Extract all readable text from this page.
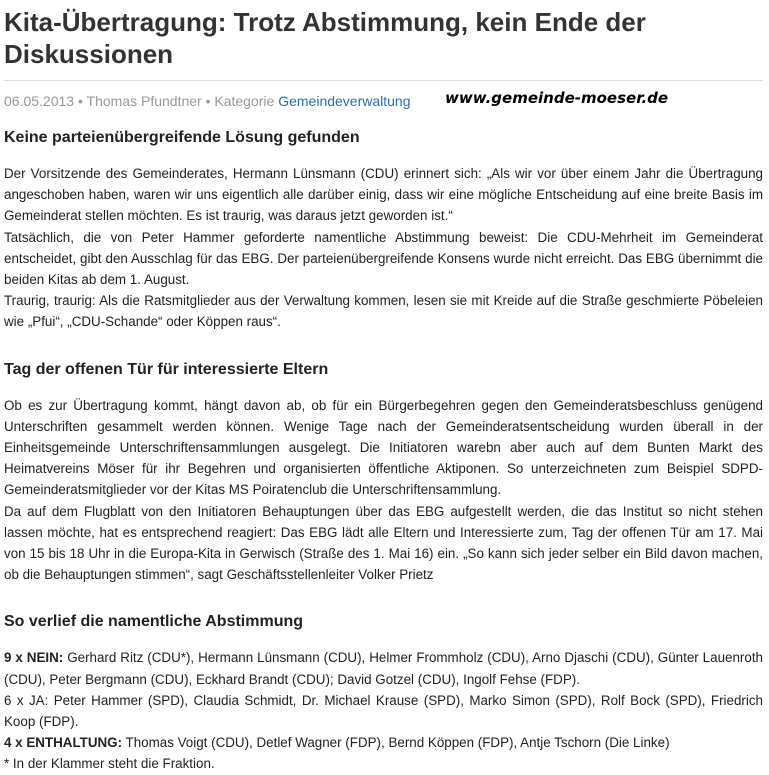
Kita-Übertragung: Trotz Abstimmung, kein Ende der Diskussionen
06.05.2013 • Thomas Pfundtner • Kategorie Gemeindeverwaltung www.gemeinde-moeser.de
Keine parteienübergreifende Lösung gefunden

Der Vorsitzende des Gemeinderates, Hermann Lünsmann (CDU) erinnert sich: „Als wir vor über einem Jahr die Übertragung angeschoben haben, waren wir uns eigentlich alle darüber einig, dass wir eine mögliche Entscheidung auf eine breite Basis im Gemeinderat stellen möchten. Es ist traurig, was daraus jetzt geworden ist.“

Tatsächlich, die von Peter Hammer geforderte namentliche Abstimmung beweist: Die CDU-Mehrheit im Gemeinderat entscheidet, gibt den Ausschlag für das EBG. Der parteienübergreifende Konsens wurde nicht erreicht. Das EBG übernimmt die beiden Kitas ab dem 1. August.

Traurig, traurig: Als die Ratsmitglieder aus der Verwaltung kommen, lesen sie mit Kreide auf die Straße geschmierte Pöbeleien wie „Pfui“, „CDU-Schande“ oder Köppen raus“.

Tag der offenen Tür für interessierte Eltern

Ob es zur Übertragung kommt, hängt davon ab, ob für ein Bürgerbegehren gegen den Gemeinderatsbeschluss genügend Unterschriften gesammelt werden können. Wenige Tage nach der Gemeinderatsentscheidung wurden überall in der Einheitsgemeinde Unterschriftensammlungen ausgelegt. Die Initiatoren warebn aber auch auf dem Bunten Markt des Heimatvereins Möser für ihr Begehren und organisierten öffentliche Aktiponen. So unterzeichneten zum Beispiel SDPD-Gemeinderatsmitglieder vor der Kitas MS Poiratenclub die Unterschriftensammlung.

Da auf dem Flugblatt von den Initiatoren Behauptungen über das EBG aufgestellt werden, die das Institut so nicht stehen lassen möchte, hat es entsprechend reagiert: Das EBG lädt alle Eltern und Interessierte zum, Tag der offenen Tür am 17. Mai von 15 bis 18 Uhr in die Europa-Kita in Gerwisch (Straße des 1. Mai 16) ein. „So kann sich jeder selber ein Bild davon machen, ob die Behauptungen stimmen“, sagt Geschäftsstellenleiter Volker Prietz

So verlief die namentliche Abstimmung

9 x NEIN: Gerhard Ritz (CDU*), Hermann Lünsmann (CDU), Helmer Frommholz (CDU), Arno Djaschi (CDU), Günter Lauenroth (CDU), Peter Bergmann (CDU), Eckhard Brandt (CDU); David Gotzel (CDU), Ingolf Fehse (FDP).

6 x JA: Peter Hammer (SPD), Claudia Schmidt, Dr. Michael Krause (SPD), Marko Simon (SPD), Rolf Bock (SPD), Friedrich Koop (FDP).

4 x ENTHALTUNG: Thomas Voigt (CDU), Detlef Wagner (FDP), Bernd Köppen (FDP), Antje Tschorn (Die Linke)

* In der Klammer steht die Fraktion.
